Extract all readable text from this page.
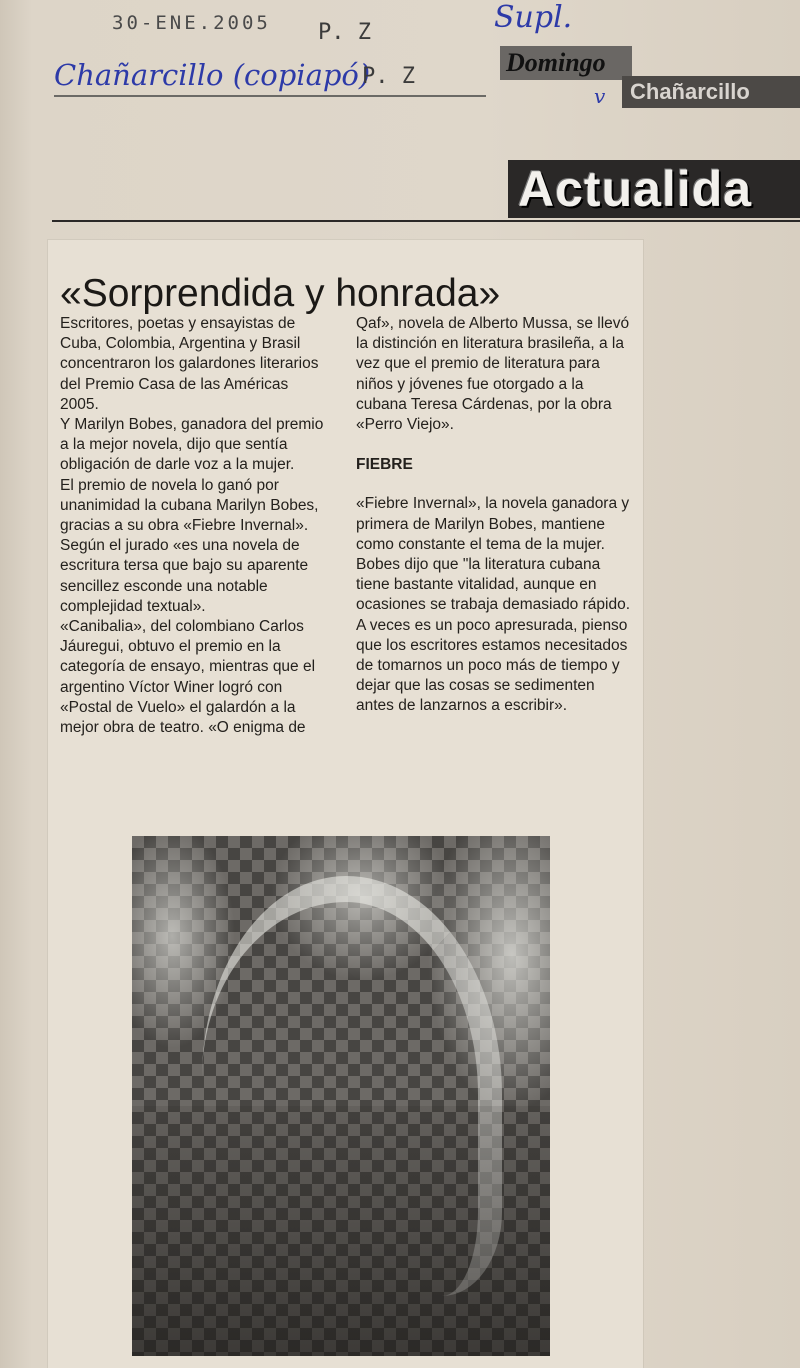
30-ENE.2005 P. Z
Chañarcillo (copiapó)
P. Z
Supl.
Domingo
v	Chañarcillo
Actualida
«Sorprendida y honrada»

Escritores, poetas y ensayistas de Cuba, Colombia, Argentina y Brasil concentraron los galardones literarios del Premio Casa de las Américas 2005.

Y Marilyn Bobes, ganadora del premio a la mejor novela, dijo que sentía obligación de darle voz a la mujer.

El premio de novela lo ganó por unanimidad la cubana Marilyn Bobes, gracias a su obra «Fiebre Invernal».

Según el jurado «es una novela de escritura tersa que bajo su aparente sencillez esconde una notable complejidad textual».

«Canibalia», del colombiano Carlos Jáuregui, obtuvo el premio en la categoría de ensayo, mientras que el argentino Víctor Winer logró con «Postal de Vuelo» el galardón a la mejor obra de teatro. «O enigma de

Qaf», novela de Alberto Mussa, se llevó la distinción en literatura brasileña, a la vez que el premio de literatura para niños y jóvenes fue otorgado a la cubana Teresa Cárdenas, por la obra «Perro Viejo».

FIEBRE

«Fiebre Invernal», la novela ganadora y primera de Marilyn Bobes, mantiene como constante el tema de la mujer. Bobes dijo que "la literatura cubana tiene bastante vitalidad, aunque en ocasiones se trabaja demasiado rápido. A veces es un poco apresurada, pienso que los escritores estamos necesitados de tomarnos un poco más de tiempo y dejar que las cosas se sedimenten antes de lanzarnos a escribir».
